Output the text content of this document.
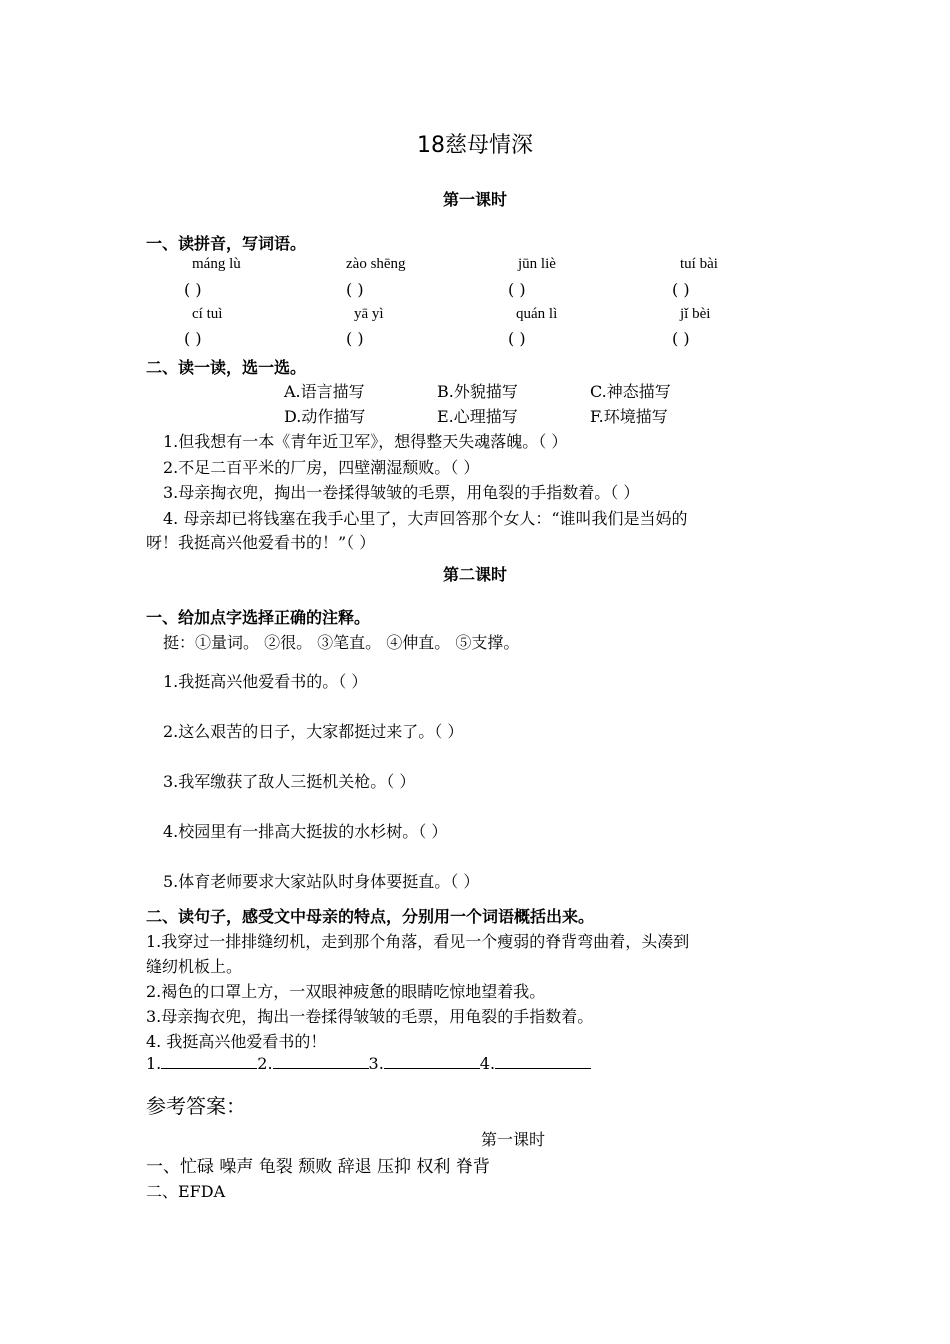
18慈母情深
第一课时
一、读拼音，写词语。
máng lù	zào shēng	jūn liè	tuí bài
( )	( )	( )	( )
cí tuì	yā yì	quán lì	jǐ bèi
( )	( )	( )	( )
二、读一读，选一选。
A.语言描写	B.外貌描写	C.神态描写
D.动作描写	E.心理描写	F.环境描写
1.但我想有一本《青年近卫军》，想得整天失魂落魄。（ ）
2.不足二百平米的厂房，四壁潮湿颓败。（ ）
3.母亲掏衣兜，掏出一卷揉得皱皱的毛票，用龟裂的手指数着。（ ）
4. 母亲却已将钱塞在我手心里了，大声回答那个女人：“谁叫我们是当妈的
呀！我挺高兴他爱看书的！”（ ）
第二课时
一、给加点字选择正确的注释。
挺：①量词。 ②很。 ③笔直。 ④伸直。 ⑤支撑。
1.我挺高兴他爱看书的。（ ）
2.这么艰苦的日子，大家都挺过来了。（ ）
3.我军缴获了敌人三挺机关枪。（ ）
4.校园里有一排高大挺拔的水杉树。（ ）
5.体育老师要求大家站队时身体要挺直。（ ）
二、读句子，感受文中母亲的特点，分别用一个词语概括出来。
1.我穿过一排排缝纫机，走到那个角落，看见一个瘦弱的脊背弯曲着，头凑到
缝纫机板上。
2.褐色的口罩上方，一双眼神疲惫的眼睛吃惊地望着我。
3.母亲掏衣兜，掏出一卷揉得皱皱的毛票，用龟裂的手指数着。
4. 我挺高兴他爱看书的！
1.	2.	3.	4.
参考答案：
第一课时
一、忙碌 噪声 龟裂 颓败 辞退 压抑 权利 脊背
二、EFDA
